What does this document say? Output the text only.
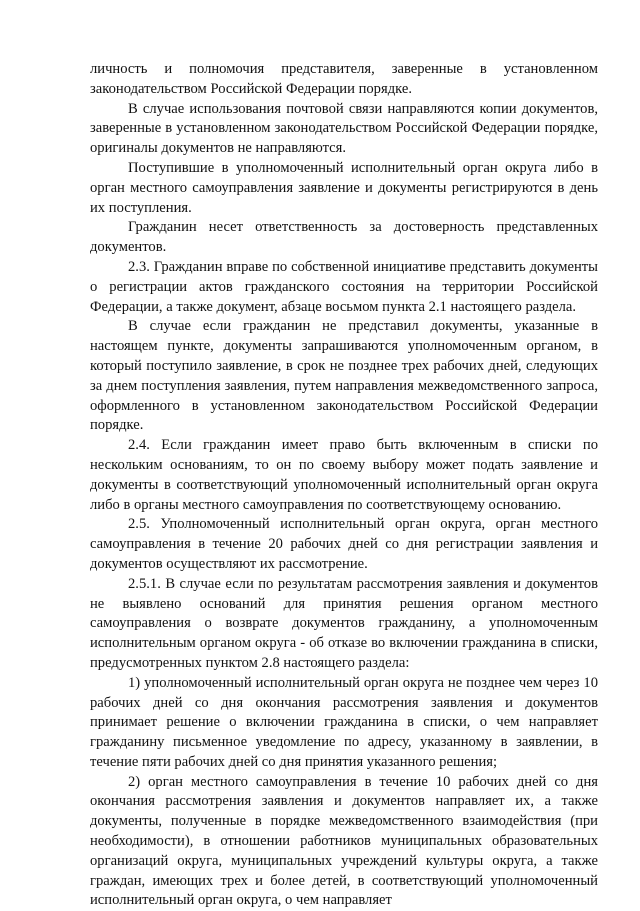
личность и полномочия представителя, заверенные в установленном законодательством Российской Федерации порядке.

В случае использования почтовой связи направляются копии документов, заверенные в установленном законодательством Российской Федерации порядке, оригиналы документов не направляются.

Поступившие в уполномоченный исполнительный орган округа либо в орган местного самоуправления заявление и документы регистрируются в день их поступления.

Гражданин несет ответственность за достоверность представленных документов.

2.3. Гражданин вправе по собственной инициативе представить документы о регистрации актов гражданского состояния на территории Российской Федерации, а также документ, абзаце восьмом пункта 2.1 настоящего раздела.

В случае если гражданин не представил документы, указанные в настоящем пункте, документы запрашиваются уполномоченным органом, в который поступило заявление, в срок не позднее трех рабочих дней, следующих за днем поступления заявления, путем направления межведомственного запроса, оформленного в установленном законодательством Российской Федерации порядке.

2.4. Если гражданин имеет право быть включенным в списки по нескольким основаниям, то он по своему выбору может подать заявление и документы в соответствующий уполномоченный исполнительный орган округа либо в органы местного самоуправления по соответствующему основанию.

2.5. Уполномоченный исполнительный орган округа, орган местного самоуправления в течение 20 рабочих дней со дня регистрации заявления и документов осуществляют их рассмотрение.

2.5.1. В случае если по результатам рассмотрения заявления и документов не выявлено оснований для принятия решения органом местного самоуправления о возврате документов гражданину, а уполномоченным исполнительным органом округа - об отказе во включении гражданина в списки, предусмотренных пунктом 2.8 настоящего раздела:

1) уполномоченный исполнительный орган округа не позднее чем через 10 рабочих дней со дня окончания рассмотрения заявления и документов принимает решение о включении гражданина в списки, о чем направляет гражданину письменное уведомление по адресу, указанному в заявлении, в течение пяти рабочих дней со дня принятия указанного решения;

2) орган местного самоуправления в течение 10 рабочих дней со дня окончания рассмотрения заявления и документов направляет их, а также документы, полученные в порядке межведомственного взаимодействия (при необходимости), в отношении работников муниципальных образовательных организаций округа, муниципальных учреждений культуры округа, а также граждан, имеющих трех и более детей, в соответствующий уполномоченный исполнительный орган округа, о чем направляет
